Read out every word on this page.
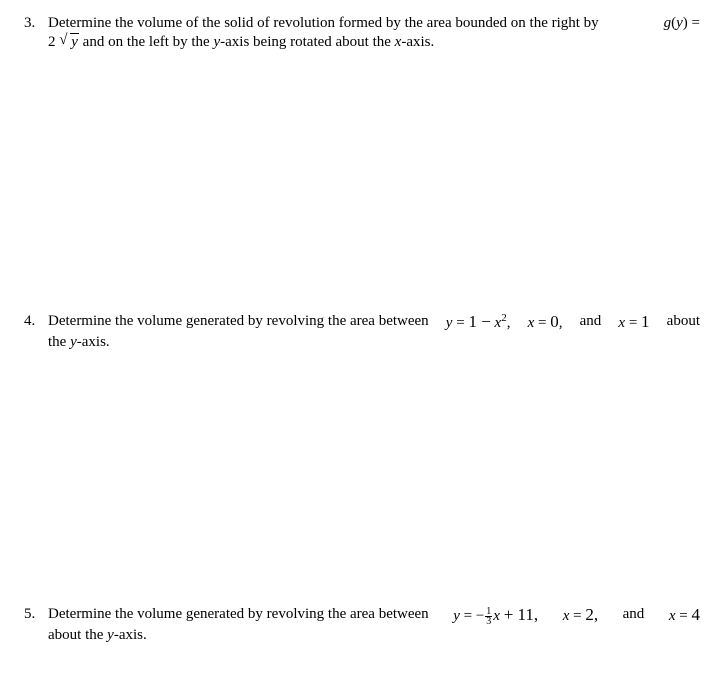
3. Determine the volume of the solid of revolution formed by the area bounded on the right by	g(y) =
2 √ y and on the left by the y-axis being rotated about the x-axis.
4. Determine the volume generated by revolving the area between $y = 1 - x^2$, x = 0, and x = 1 about
the y-axis.
5. Determine the volume generated by revolving the area between y = − $\frac{1}{3}$ x + 11, x = 2, and x = 4
about the y-axis.
